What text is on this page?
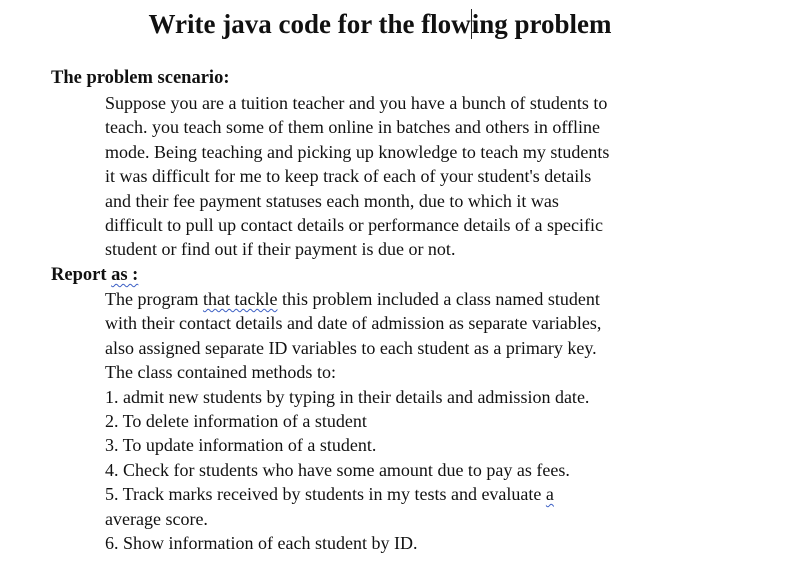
Write java code for the flowing problem
The problem scenario:
Suppose you are a tuition teacher and you have a bunch of students to
teach. you teach some of them online in batches and others in offline
mode. Being teaching and picking up knowledge to teach my students
it was difficult for me to keep track of each of your student's details
and their fee payment statuses each month, due to which it was
difficult to pull up contact details or performance details of a specific
student or find out if their payment is due or not.
Report as :
The program that tackle this problem included a class named student
with their contact details and date of admission as separate variables,
also assigned separate ID variables to each student as a primary key.
The class contained methods to:
1. admit new students by typing in their details and admission date.
2. To delete information of a student
3. To update information of a student.
4. Check for students who have some amount due to pay as fees.
5. Track marks received by students in my tests and evaluate a
average score.
6. Show information of each student by ID.
